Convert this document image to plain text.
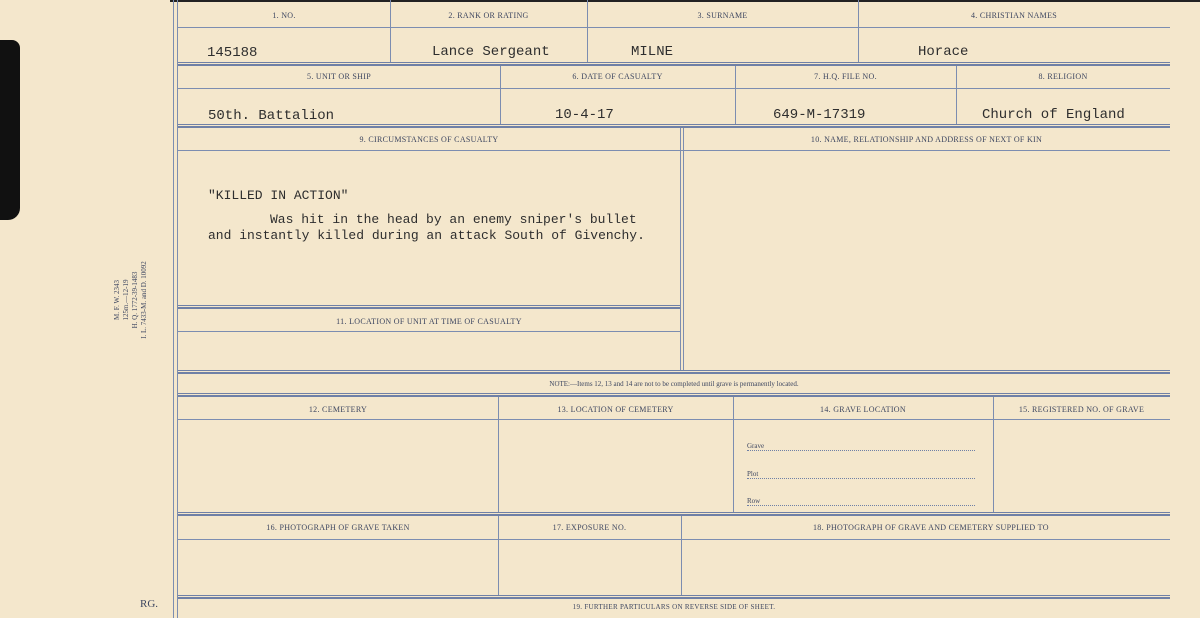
M. F. W. 2343 125m.—12-19 H. Q. 1772-39-1483 I. L. 7433-M. and D. 10092
RG.
1. NO.	2. RANK OR RATING	3. SURNAME	4. CHRISTIAN NAMES
145188	Lance Sergeant	MILNE	Horace
5. UNIT OR SHIP	6. DATE OF CASUALTY	7. H.Q. FILE NO.	8. RELIGION
50th. Battalion	10-4-17	649-M-17319	Church of England
9. CIRCUMSTANCES OF CASUALTY	10. NAME, RELATIONSHIP AND ADDRESS OF NEXT OF KIN
"KILLED IN ACTION"
Was hit in the head by an enemy sniper's bullet
and instantly killed during an attack South of Givenchy.
11. LOCATION OF UNIT AT TIME OF CASUALTY
NOTE:—Items 12, 13 and 14 are not to be completed until grave is permanently located.
12. CEMETERY	13. LOCATION OF CEMETERY	14. GRAVE LOCATION	15. REGISTERED NO. OF GRAVE
Grave
Plot
Row
16. PHOTOGRAPH OF GRAVE TAKEN	17. EXPOSURE NO.	18. PHOTOGRAPH OF GRAVE AND CEMETERY SUPPLIED TO
19. FURTHER PARTICULARS ON REVERSE SIDE OF SHEET.
